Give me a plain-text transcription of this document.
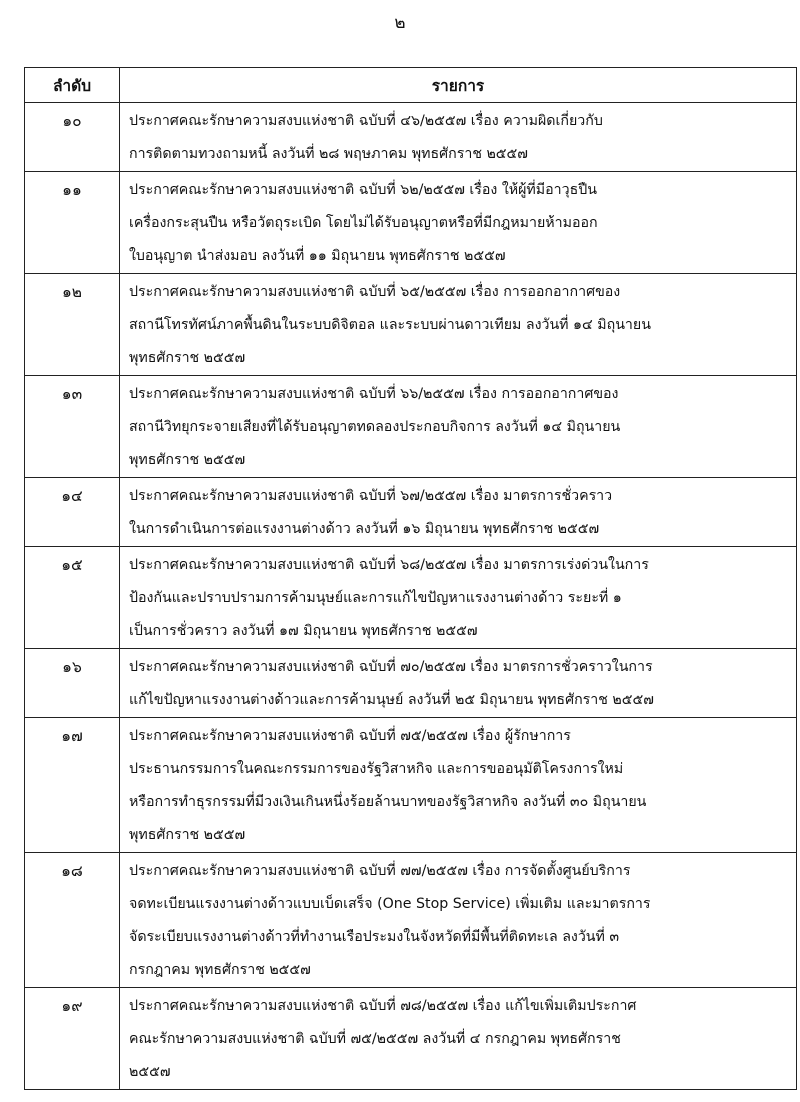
๒
ลำดับ	รายการ
๑๐	ประกาศคณะรักษาความสงบแห่งชาติ ฉบับที่ ๔๖/๒๕๕๗ เรื่อง ความผิดเกี่ยวกับ
การติดตามทวงถามหนี้ ลงวันที่ ๒๘ พฤษภาคม พุทธศักราช ๒๕๕๗

๑๑	ประกาศคณะรักษาความสงบแห่งชาติ ฉบับที่ ๖๒/๒๕๕๗ เรื่อง ให้ผู้ที่มีอาวุธปืน
เครื่องกระสุนปืน หรือวัตถุระเบิด โดยไม่ได้รับอนุญาตหรือที่มีกฎหมายห้ามออก
ใบอนุญาต นำส่งมอบ ลงวันที่ ๑๑ มิถุนายน พุทธศักราช ๒๕๕๗

๑๒	ประกาศคณะรักษาความสงบแห่งชาติ ฉบับที่ ๖๕/๒๕๕๗ เรื่อง การออกอากาศของ
สถานีโทรทัศน์ภาคพื้นดินในระบบดิจิตอล และระบบผ่านดาวเทียม ลงวันที่ ๑๔ มิถุนายน
พุทธศักราช ๒๕๕๗

๑๓	ประกาศคณะรักษาความสงบแห่งชาติ ฉบับที่ ๖๖/๒๕๕๗ เรื่อง การออกอากาศของ
สถานีวิทยุกระจายเสียงที่ได้รับอนุญาตทดลองประกอบกิจการ ลงวันที่ ๑๔ มิถุนายน
พุทธศักราช ๒๕๕๗

๑๔	ประกาศคณะรักษาความสงบแห่งชาติ ฉบับที่ ๖๗/๒๕๕๗ เรื่อง มาตรการชั่วคราว
ในการดำเนินการต่อแรงงานต่างด้าว ลงวันที่ ๑๖ มิถุนายน พุทธศักราช ๒๕๕๗

๑๕	ประกาศคณะรักษาความสงบแห่งชาติ ฉบับที่ ๖๘/๒๕๕๗ เรื่อง มาตรการเร่งด่วนในการ
ป้องกันและปราบปรามการค้ามนุษย์และการแก้ไขปัญหาแรงงานต่างด้าว ระยะที่ ๑
เป็นการชั่วคราว ลงวันที่ ๑๗ มิถุนายน พุทธศักราช ๒๕๕๗

๑๖	ประกาศคณะรักษาความสงบแห่งชาติ ฉบับที่ ๗๐/๒๕๕๗ เรื่อง มาตรการชั่วคราวในการ
แก้ไขปัญหาแรงงานต่างด้าวและการค้ามนุษย์ ลงวันที่ ๒๕ มิถุนายน พุทธศักราช ๒๕๕๗

๑๗	ประกาศคณะรักษาความสงบแห่งชาติ ฉบับที่ ๗๕/๒๕๕๗ เรื่อง ผู้รักษาการ
ประธานกรรมการในคณะกรรมการของรัฐวิสาหกิจ และการขออนุมัติโครงการใหม่
หรือการทำธุรกรรมที่มีวงเงินเกินหนึ่งร้อยล้านบาทของรัฐวิสาหกิจ ลงวันที่ ๓๐ มิถุนายน
พุทธศักราช ๒๕๕๗

๑๘	ประกาศคณะรักษาความสงบแห่งชาติ ฉบับที่ ๗๗/๒๕๕๗ เรื่อง การจัดตั้งศูนย์บริการ
จดทะเบียนแรงงานต่างด้าวแบบเบ็ดเสร็จ (One Stop Service) เพิ่มเติม และมาตรการ
จัดระเบียบแรงงานต่างด้าวที่ทำงานเรือประมงในจังหวัดที่มีพื้นที่ติดทะเล ลงวันที่ ๓
กรกฎาคม พุทธศักราช ๒๕๕๗

๑๙	ประกาศคณะรักษาความสงบแห่งชาติ ฉบับที่ ๗๘/๒๕๕๗ เรื่อง แก้ไขเพิ่มเติมประกาศ
คณะรักษาความสงบแห่งชาติ ฉบับที่ ๗๕/๒๕๕๗ ลงวันที่ ๔ กรกฎาคม พุทธศักราช
๒๕๕๗
